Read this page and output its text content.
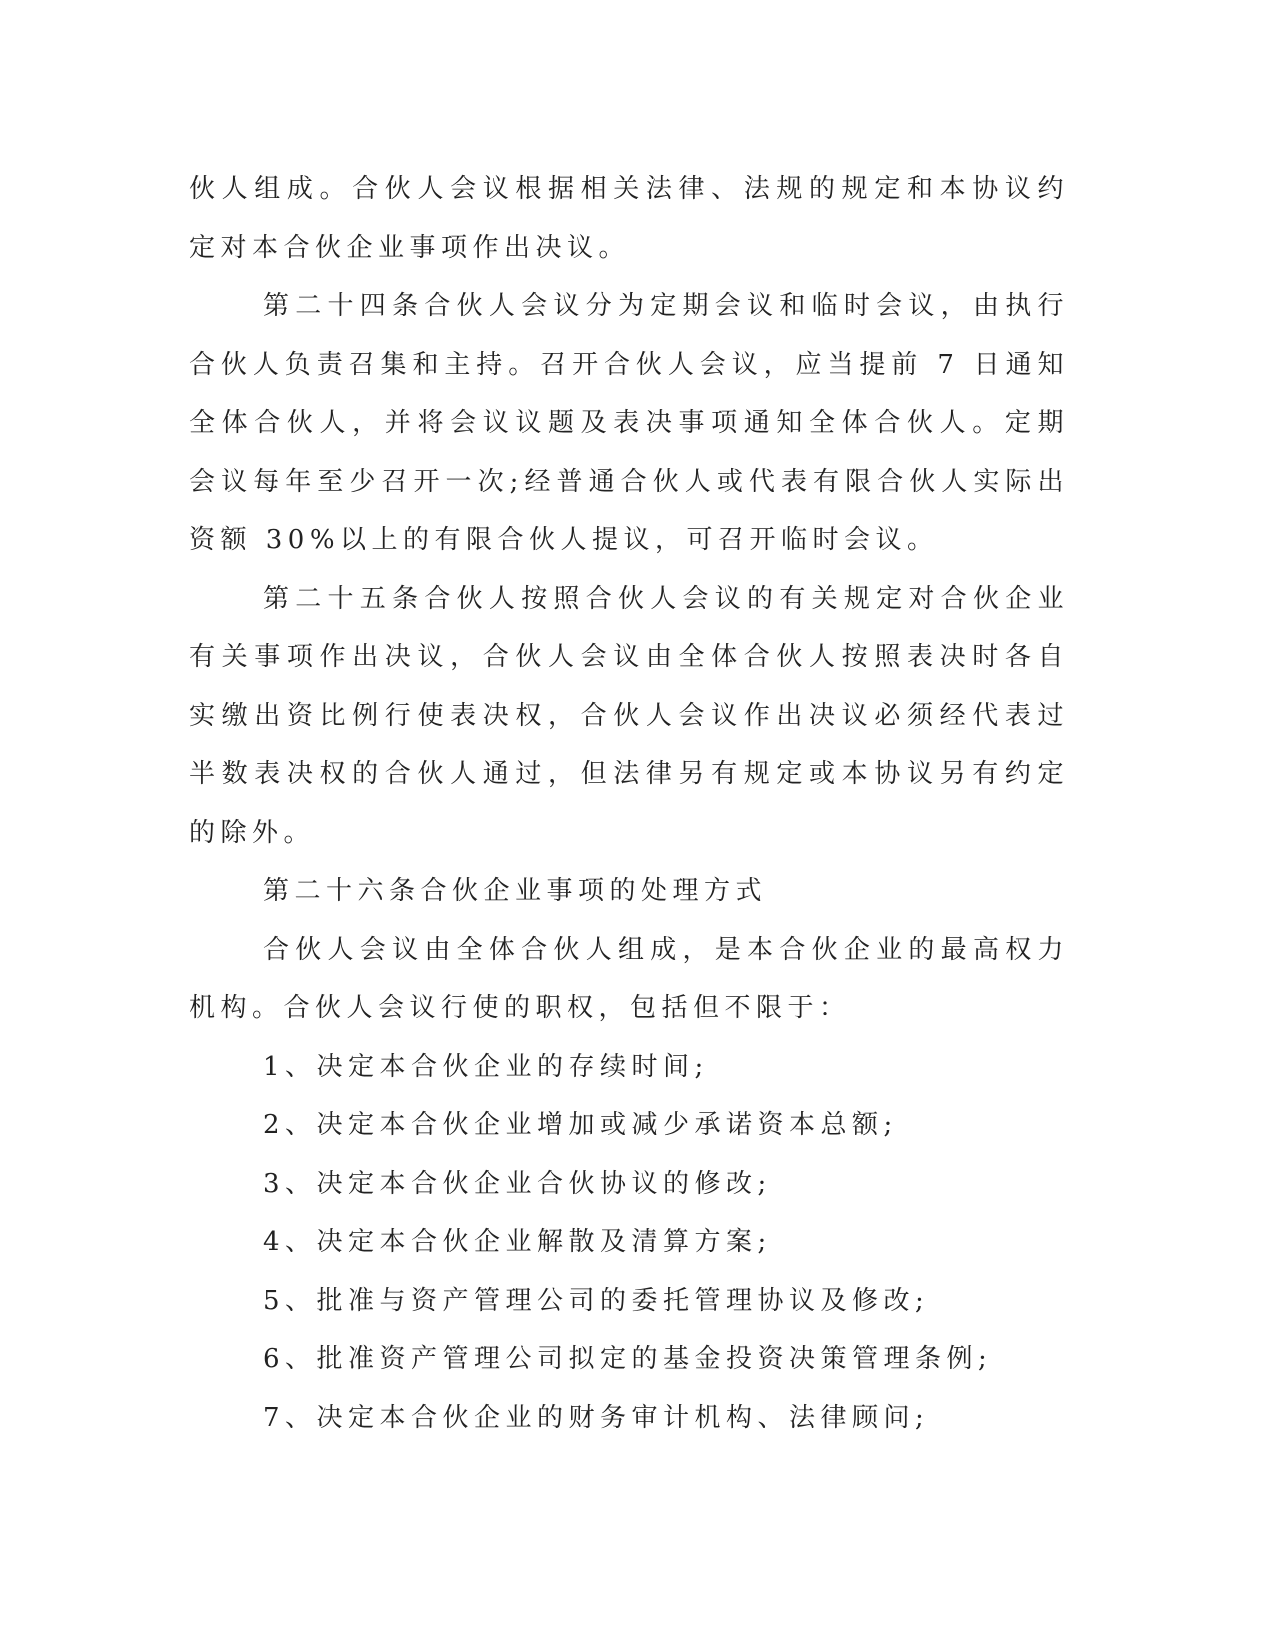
伙人组成。合伙人会议根据相关法律、法规的规定和本协议约定对本合伙企业事项作出决议。

第二十四条合伙人会议分为定期会议和临时会议，由执行合伙人负责召集和主持。召开合伙人会议，应当提前 7 日通知全体合伙人，并将会议议题及表决事项通知全体合伙人。定期会议每年至少召开一次;经普通合伙人或代表有限合伙人实际出资额 30%以上的有限合伙人提议，可召开临时会议。

第二十五条合伙人按照合伙人会议的有关规定对合伙企业有关事项作出决议，合伙人会议由全体合伙人按照表决时各自实缴出资比例行使表决权，合伙人会议作出决议必须经代表过半数表决权的合伙人通过，但法律另有规定或本协议另有约定的除外。

第二十六条合伙企业事项的处理方式

合伙人会议由全体合伙人组成，是本合伙企业的最高权力机构。合伙人会议行使的职权，包括但不限于：

1、决定本合伙企业的存续时间;

2、决定本合伙企业增加或减少承诺资本总额;

3、决定本合伙企业合伙协议的修改;

4、决定本合伙企业解散及清算方案;

5、批准与资产管理公司的委托管理协议及修改;

6、批准资产管理公司拟定的基金投资决策管理条例;

7、决定本合伙企业的财务审计机构、法律顾问;
